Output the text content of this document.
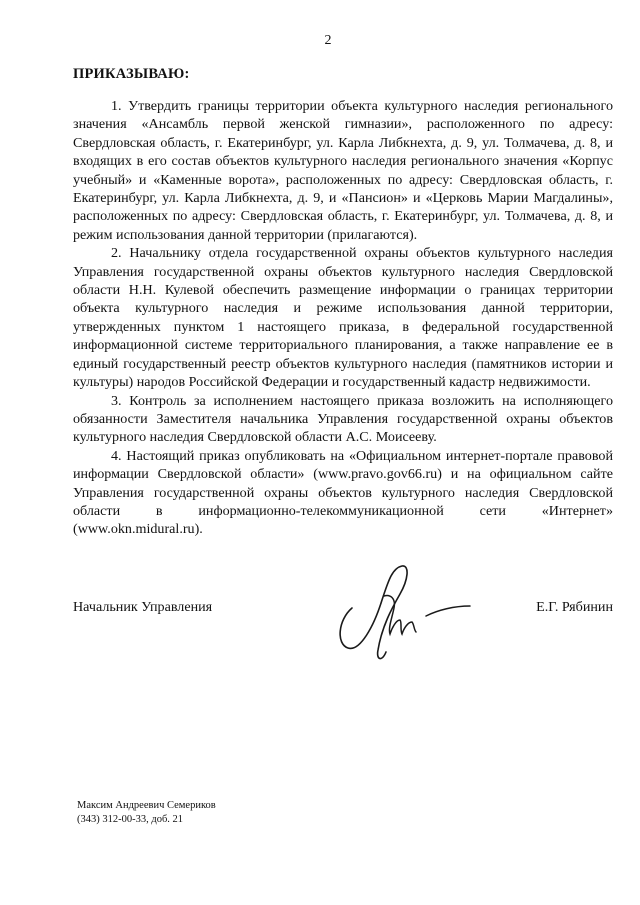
2
ПРИКАЗЫВАЮ:

1. Утвердить границы территории объекта культурного наследия регионального значения «Ансамбль первой женской гимназии», расположенного по адресу: Свердловская область, г. Екатеринбург, ул. Карла Либкнехта, д. 9, ул. Толмачева, д. 8, и входящих в его состав объектов культурного наследия регионального значения «Корпус учебный» и «Каменные ворота», расположенных по адресу: Свердловская область, г. Екатеринбург, ул. Карла Либкнехта, д. 9, и «Пансион» и «Церковь Марии Магдалины», расположенных по адресу: Свердловская область, г. Екатеринбург, ул. Толмачева, д. 8, и режим использования данной территории (прилагаются).

2. Начальнику отдела государственной охраны объектов культурного наследия Управления государственной охраны объектов культурного наследия Свердловской области Н.Н. Кулевой обеспечить размещение информации о границах территории объекта культурного наследия и режиме использования данной территории, утвержденных пунктом 1 настоящего приказа, в федеральной государственной информационной системе территориального планирования, а также направление ее в единый государственный реестр объектов культурного наследия (памятников истории и культуры) народов Российской Федерации и государственный кадастр недвижимости.

3. Контроль за исполнением настоящего приказа возложить на исполняющего обязанности Заместителя начальника Управления государственной охраны объектов культурного наследия Свердловской области А.С. Моисееву.

4. Настоящий приказ опубликовать на «Официальном интернет-портале правовой информации Свердловской области» (www.pravo.gov66.ru) и на официальном сайте Управления государственной охраны объектов культурного наследия Свердловской области в информационно-телекоммуникационной сети «Интернет» (www.okn.midural.ru).

Начальник Управления	Е.Г. Рябинин
Максим Андреевич Семериков
(343) 312-00-33, доб. 21
